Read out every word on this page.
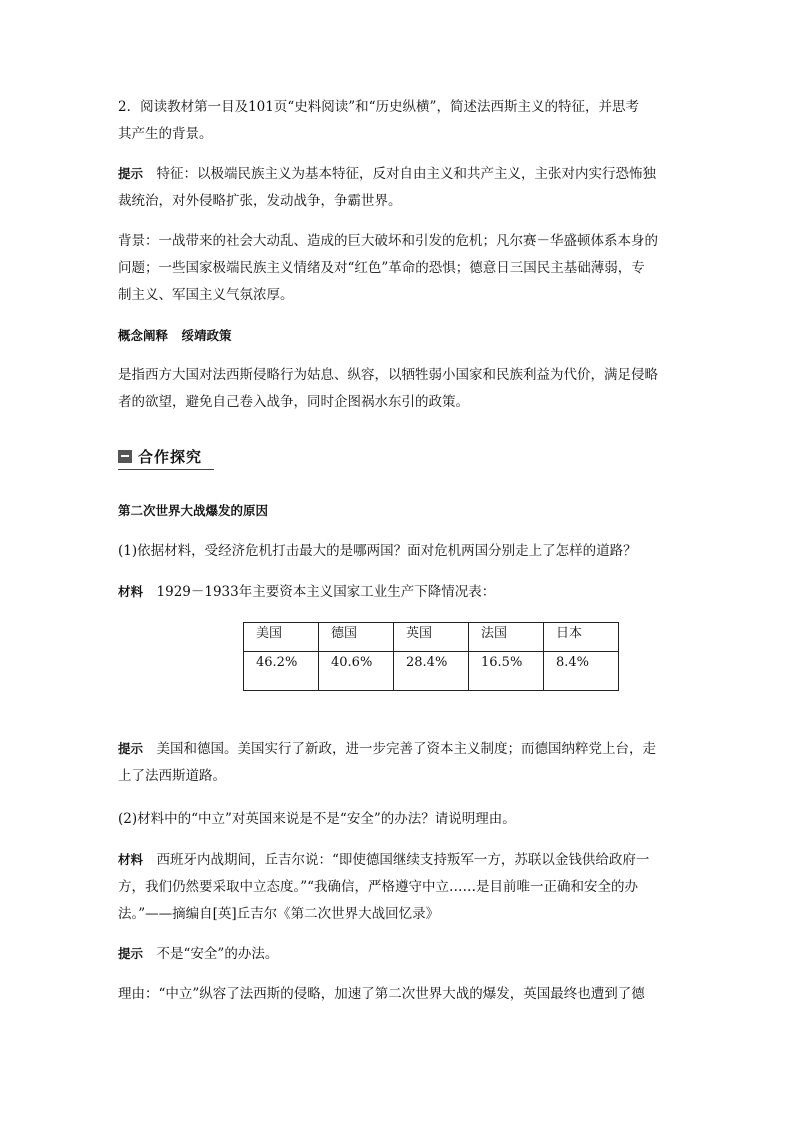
2．阅读教材第一目及101页“史料阅读”和“历史纵横”，简述法西斯主义的特征，并思考
其产生的背景。
提示　 特征：以极端民族主义为基本特征，反对自由主义和共产主义，主张对内实行恐怖独
裁统治，对外侵略扩张，发动战争，争霸世界。
背景：一战带来的社会大动乱、造成的巨大破坏和引发的危机；凡尔赛－华盛顿体系本身的
问题；一些国家极端民族主义情绪及对“红色”革命的恐惧；德意日三国民主基础薄弱，专
制主义、军国主义气氛浓厚。
概念阐释　 绥靖政策
是指西方大国对法西斯侵略行为姑息、纵容，以牺牲弱小国家和民族利益为代价，满足侵略
者的欲望，避免自己卷入战争，同时企图祸水东引的政策。
合作探究
第二次世界大战爆发的原因
(1)依据材料，受经济危机打击最大的是哪两国？面对危机两国分别走上了怎样的道路？
材料　 1929－1933年主要资本主义国家工业生产下降情况表：
美国	德国	英国	法国	日本
46.2%	40.6%	28.4%	16.5%	8.4%
提示　 美国和德国。美国实行了新政，进一步完善了资本主义制度；而德国纳粹党上台，走
上了法西斯道路。
(2)材料中的“中立”对英国来说是不是“安全”的办法？请说明理由。
材料　 西班牙内战期间，丘吉尔说：“即使德国继续支持叛军一方，苏联以金钱供给政府一
方，我们仍然要采取中立态度。”“我确信，严格遵守中立……是目前唯一正确和安全的办
法。”——摘编自[英]丘吉尔《第二次世界大战回忆录》
提示　 不是“安全”的办法。
理由：“中立”纵容了法西斯的侵略，加速了第二次世界大战的爆发，英国最终也遭到了德
